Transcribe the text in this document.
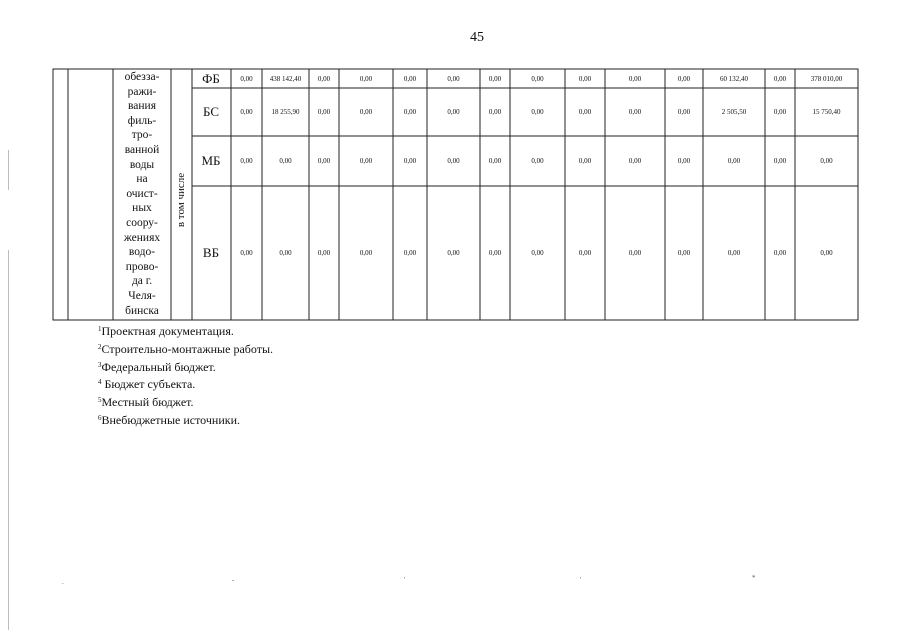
45
обезза-
ражи-
вания
филь-
тро-
ванной
воды
на
очист-
ных
соору-
жениях
водо-
прово-
да г.
Челя-
бинска
в том числе
ФБ	0,00	438 142,40	0,00	0,00	0,00	0,00	0,00	0,00	0,00	0,00	0,00	60 132,40	0,00	378 010,00
БС	0,00	18 255,90	0,00	0,00	0,00	0,00	0,00	0,00	0,00	0,00	0,00	2 505,50	0,00	15 750,40
МБ	0,00	0,00	0,00	0,00	0,00	0,00	0,00	0,00	0,00	0,00	0,00	0,00	0,00	0,00
ВБ	0,00	0,00	0,00	0,00	0,00	0,00	0,00	0,00	0,00	0,00	0,00	0,00	0,00	0,00
$^1$Проектная документация.
$^2$Строительно-монтажные работы.
$^3$Федеральный бюджет.
$^4$ Бюджет субъекта.
$^5$Местный бюджет.
$^6$Внебюджетные источники.
.	-	'	'	*
